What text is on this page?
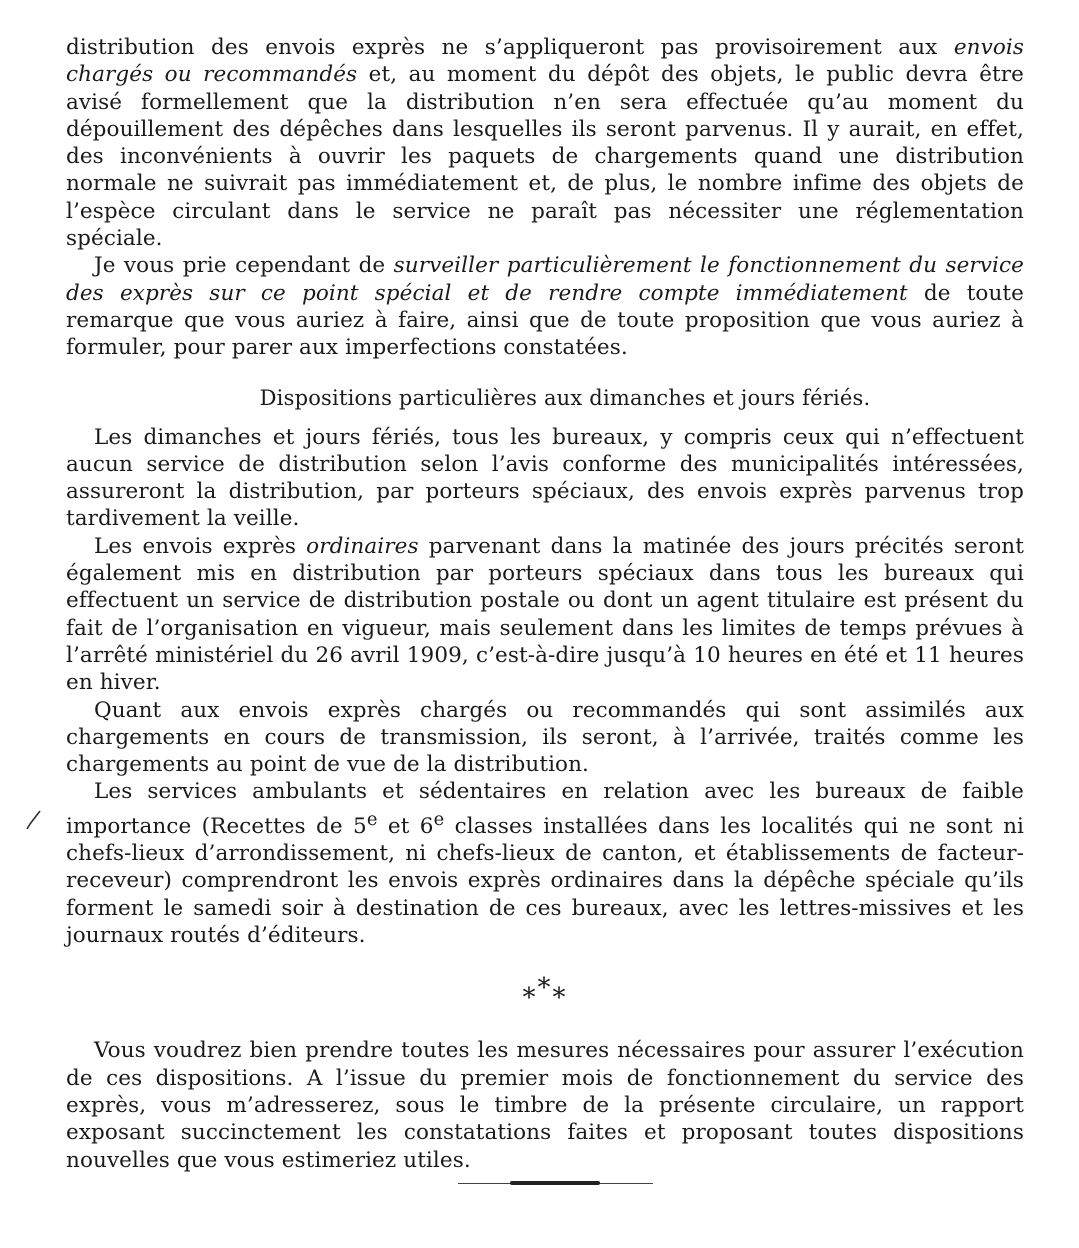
distribution des envois exprès ne s’appliqueront pas provisoirement aux envois chargés ou recommandés et, au moment du dépôt des objets, le public devra être avisé formellement que la distribution n’en sera effectuée qu’au moment du dépouillement des dépêches dans lesquelles ils seront parvenus. Il y aurait, en effet, des inconvénients à ouvrir les paquets de chargements quand une distribution normale ne suivrait pas immédiatement et, de plus, le nombre infime des objets de l’espèce circulant dans le service ne paraît pas nécessiter une réglementation spéciale.

Je vous prie cependant de surveiller particulièrement le fonctionnement du service des exprès sur ce point spécial et de rendre compte immédiatement de toute remarque que vous auriez à faire, ainsi que de toute proposition que vous auriez à formuler, pour parer aux imperfections constatées.

Dispositions particulières aux dimanches et jours fériés.

Les dimanches et jours fériés, tous les bureaux, y compris ceux qui n’effectuent aucun service de distribution selon l’avis conforme des municipalités intéressées, assureront la distribution, par porteurs spéciaux, des envois exprès parvenus trop tardivement la veille.

Les envois exprès ordinaires parvenant dans la matinée des jours précités seront également mis en distribution par porteurs spéciaux dans tous les bureaux qui effectuent un service de distribution postale ou dont un agent titulaire est présent du fait de l’organisation en vigueur, mais seulement dans les limites de temps prévues à l’arrêté ministériel du 26 avril 1909, c’est-à-dire jusqu’à 10 heures en été et 11 heures en hiver.

Quant aux envois exprès chargés ou recommandés qui sont assimilés aux chargements en cours de transmission, ils seront, à l’arrivée, traités comme les chargements au point de vue de la distribution.

Les services ambulants et sédentaires en relation avec les bureaux de faible importance (Recettes de 5e et 6e classes installées dans les localités qui ne sont ni chefs-lieux d’arrondissement, ni chefs-lieux de canton, et établissements de facteur-receveur) comprendront les envois exprès ordinaires dans la dépêche spéciale qu’ils forment le samedi soir à destination de ces bureaux, avec les lettres-missives et les journaux routés d’éditeurs.

***

Vous voudrez bien prendre toutes les mesures nécessaires pour assurer l’exécution de ces dispositions. A l’issue du premier mois de fonctionnement du service des exprès, vous m’adresserez, sous le timbre de la présente circulaire, un rapport exposant succinctement les constatations faites et proposant toutes dispositions nouvelles que vous estimeriez utiles.
